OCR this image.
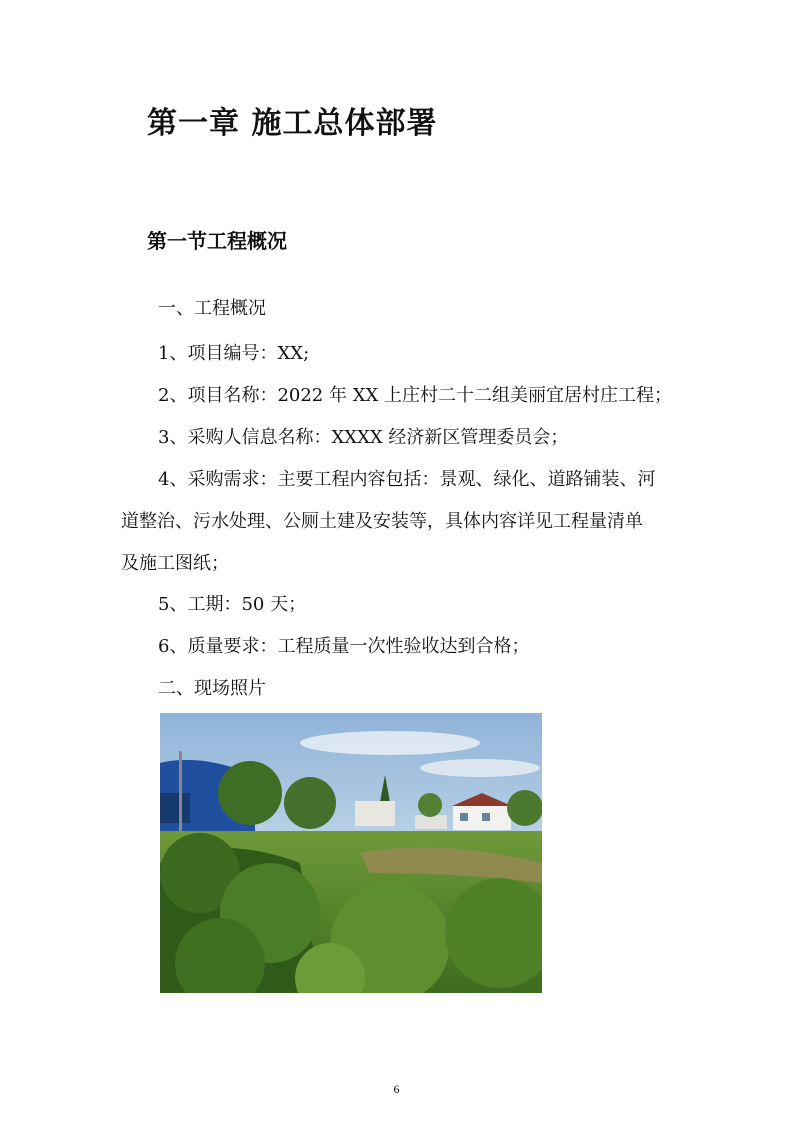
第一章 施工总体部署
第一节工程概况
一、工程概况
1、项目编号：XX;
2、项目名称：2022 年 XX 上庄村二十二组美丽宜居村庄工程；
3、采购人信息名称：XXXX 经济新区管理委员会；
4、采购需求：主要工程内容包括：景观、绿化、道路铺装、河
道整治、污水处理、公厕土建及安装等，具体内容详见工程量清单
及施工图纸；
5、工期：50 天；
6、质量要求：工程质量一次性验收达到合格；
二、现场照片
6
